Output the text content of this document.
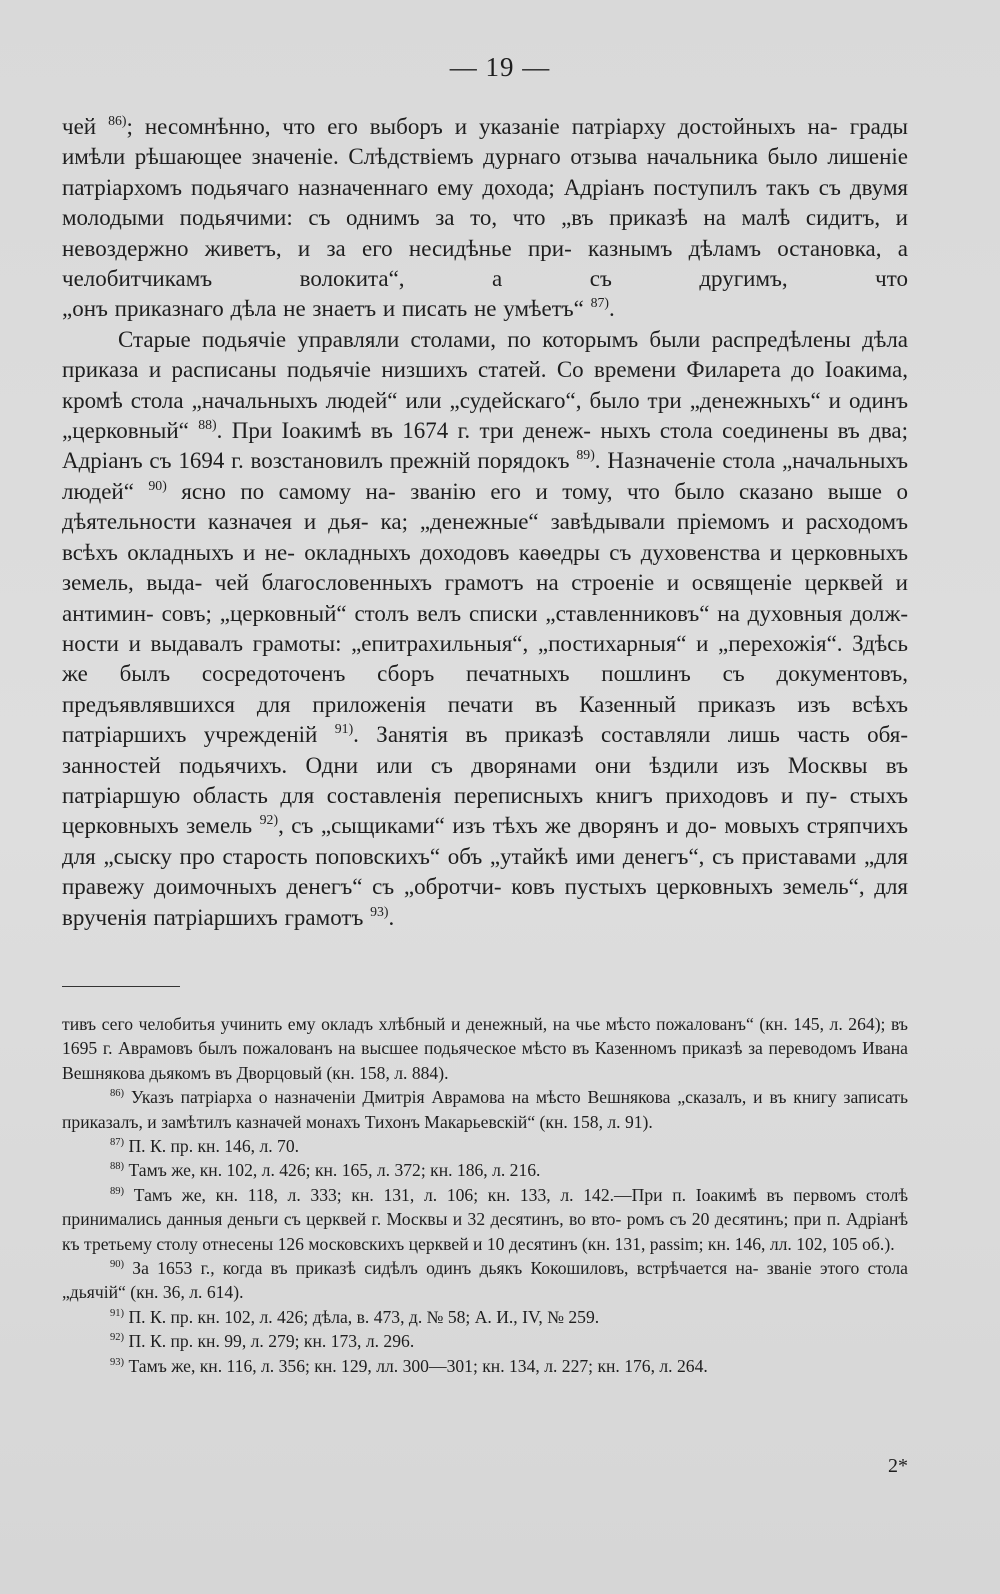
— 19 —

чей $^{86)}$; несомнѣнно, что его выборъ и указаніе патріарху достойныхъ на- грады имѣли рѣшающее значеніе. Слѣдствіемъ дурнаго отзыва начальника было лишеніе патріархомъ подьячаго назначеннаго ему дохода; Адріанъ поступилъ такъ съ двумя молодыми подьячими: съ однимъ за то, что „въ приказѣ на малѣ сидитъ, и невоздержно живетъ, и за его несидѣнье при- казнымъ дѣламъ остановка, а челобитчикамъ волокита“, а съ другимъ, что

„онъ приказнаго дѣла не знаетъ и писать не умѣетъ“ $^{87)}$.

Старые подьячіе управляли столами, по которымъ были распредѣлены дѣла приказа и расписаны подьячіе низшихъ статей. Со времени Филарета до Іоакима, кромѣ стола „начальныхъ людей“ или „судейскаго“, было три „денежныхъ“ и одинъ „церковный“ $^{88)}$. При Іоакимѣ въ 1674 г. три денеж- ныхъ стола соединены въ два; Адріанъ съ 1694 г. возстановилъ прежній порядокъ $^{89)}$. Назначеніе стола „начальныхъ людей“ $^{90)}$ ясно по самому на- званію его и тому, что было сказано выше о дѣятельности казначея и дья- ка; „денежные“ завѣдывали пріемомъ и расходомъ всѣхъ окладныхъ и не- окладныхъ доходовъ каѳедры съ духовенства и церковныхъ земель, выда- чей благословенныхъ грамотъ на строеніе и освященіе церквей и антимин- совъ; „церковный“ столъ велъ списки „ставленниковъ“ на духовныя долж- ности и выдавалъ грамоты: „епитрахильныя“, „постихарныя“ и „перехожія“. Здѣсь же былъ сосредоточенъ сборъ печатныхъ пошлинъ съ документовъ, предъявлявшихся для приложенія печати въ Казенный приказъ изъ всѣхъ патріаршихъ учрежденій $^{91)}$. Занятія въ приказѣ составляли лишь часть обя- занностей подьячихъ. Одни или съ дворянами они ѣздили изъ Москвы въ патріаршую область для составленія переписныхъ книгъ приходовъ и пу- стыхъ церковныхъ земель $^{92)}$, съ „сыщиками“ изъ тѣхъ же дворянъ и до- мовыхъ стряпчихъ для „сыску про старость поповскихъ“ объ „утайкѣ ими денегъ“, съ приставами „для правежу доимочныхъ денегъ“ съ „обротчи- ковъ пустыхъ церковныхъ земель“, для врученія патріаршихъ грамотъ $^{93)}$.

тивъ сего челобитья учинить ему окладъ хлѣбный и денежный, на чье мѣсто пожалованъ“ (кн. 145, л. 264); въ 1695 г. Аврамовъ былъ пожалованъ на высшее подьяческое мѣсто въ Казенномъ приказѣ за переводомъ Ивана Вешнякова дьякомъ въ Дворцовый (кн. 158, л. 884).

$^{86)}$ Указъ патріарха о назначеніи Дмитрія Аврамова на мѣсто Вешнякова „сказалъ, и въ книгу записать приказалъ, и замѣтилъ казначей монахъ Тихонъ Макарьевскій“ (кн. 158, л. 91).

$^{87)}$ П. К. пр. кн. 146, л. 70.

$^{88)}$ Тамъ же, кн. 102, л. 426; кн. 165, л. 372; кн. 186, л. 216.

$^{89)}$ Тамъ же, кн. 118, л. 333; кн. 131, л. 106; кн. 133, л. 142.—При п. Іоакимѣ въ первомъ столѣ принимались данныя деньги съ церквей г. Москвы и 32 десятинъ, во вто- ромъ съ 20 десятинъ; при п. Адріанѣ къ третьему столу отнесены 126 московскихъ церквей и 10 десятинъ (кн. 131, passim; кн. 146, лл. 102, 105 об.).

$^{90)}$ За 1653 г., когда въ приказѣ сидѣлъ одинъ дьякъ Кокошиловъ, встрѣчается на- званіе этого стола „дьячій“ (кн. 36, л. 614).

$^{91)}$ П. К. пр. кн. 102, л. 426; дѣла, в. 473, д. № 58; А. И., IV, № 259.

$^{92)}$ П. К. пр. кн. 99, л. 279; кн. 173, л. 296.

$^{93)}$ Тамъ же, кн. 116, л. 356; кн. 129, лл. 300—301; кн. 134, л. 227; кн. 176, л. 264.

2*
